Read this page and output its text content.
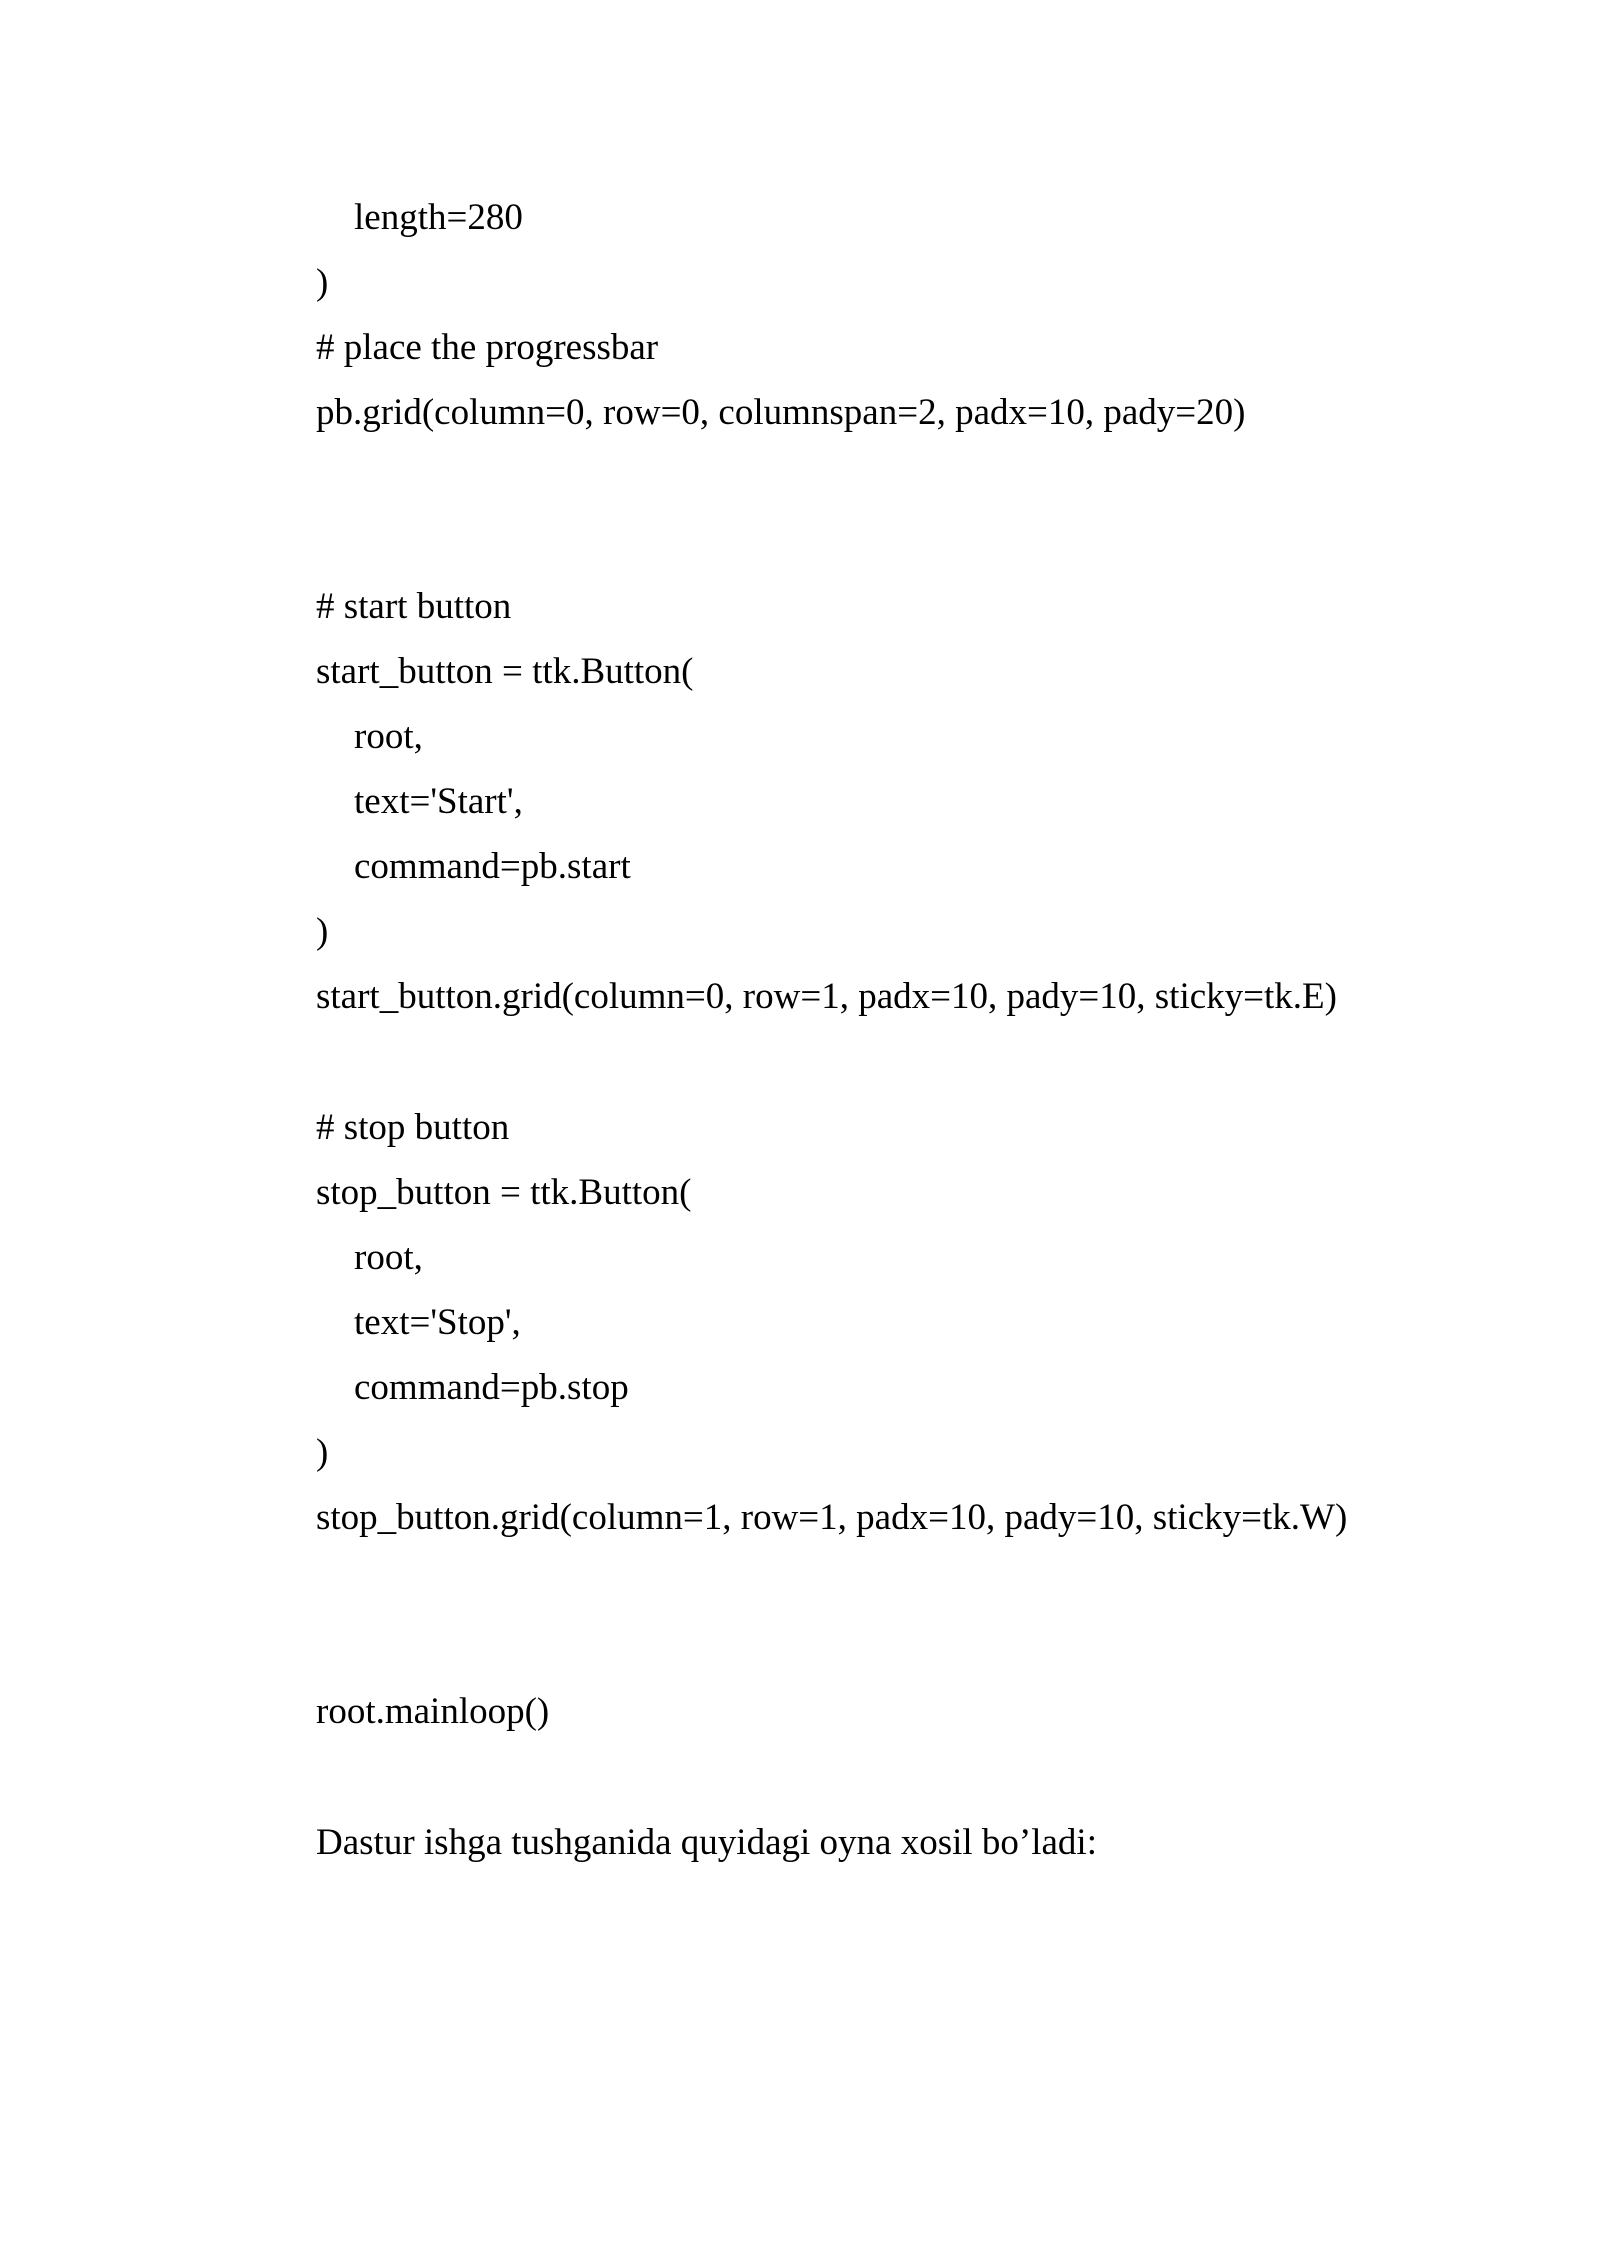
length=280

)

# place the progressbar

pb.grid(column=0, row=0, columnspan=2, padx=10, pady=20)

# start button

start_button = ttk.Button(

root,

text='Start',

command=pb.start

)

start_button.grid(column=0, row=1, padx=10, pady=10, sticky=tk.E)

# stop button

stop_button = ttk.Button(

root,

text='Stop',

command=pb.stop

)

stop_button.grid(column=1, row=1, padx=10, pady=10, sticky=tk.W)

root.mainloop()

Dastur ishga tushganida quyidagi oyna xosil bo’ladi:
